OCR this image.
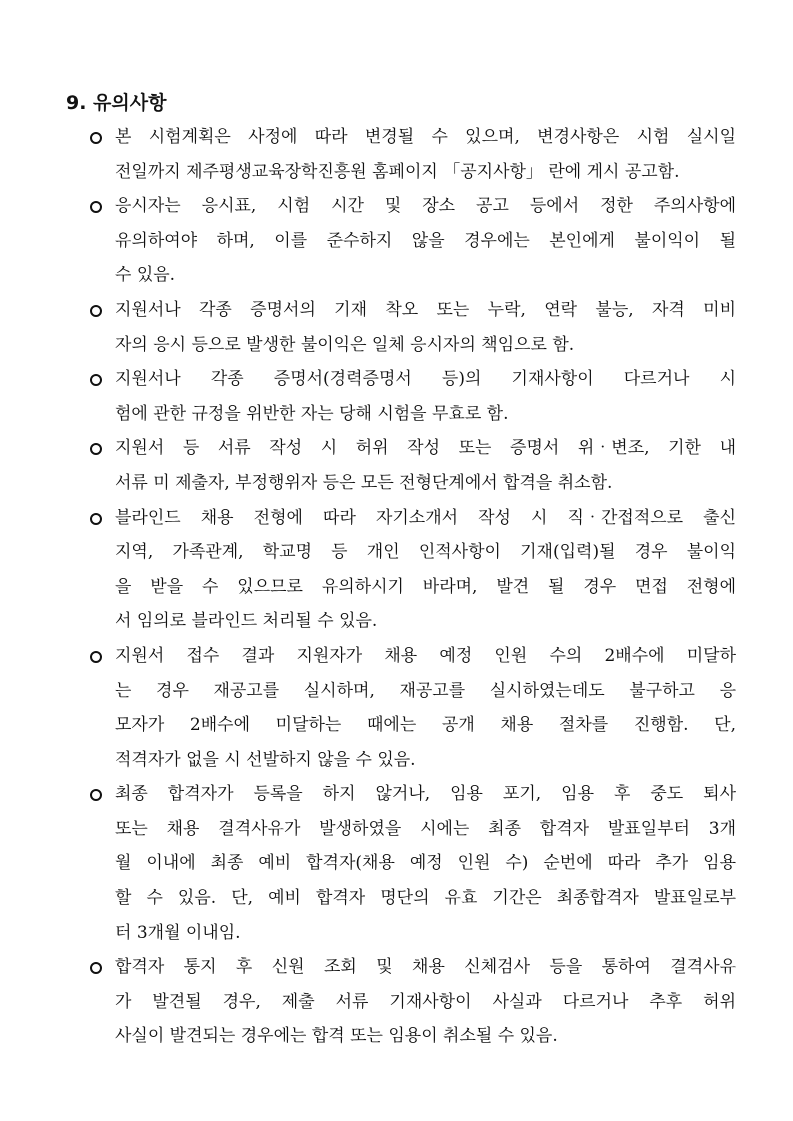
9. 유의사항
본 시험계획은 사정에 따라 변경될 수 있으며, 변경사항은 시험 실시일
전일까지 제주평생교육장학진흥원 홈페이지 「공지사항」 란에 게시 공고함.
응시자는 응시표, 시험 시간 및 장소 공고 등에서 정한 주의사항에
유의하여야 하며, 이를 준수하지 않을 경우에는 본인에게 불이익이 될
수 있음.
지원서나 각종 증명서의 기재 착오 또는 누락, 연락 불능, 자격 미비
자의 응시 등으로 발생한 불이익은 일체 응시자의 책임으로 함.
지원서나 각종 증명서(경력증명서 등)의 기재사항이 다르거나 시
험에 관한 규정을 위반한 자는 당해 시험을 무효로 함.
지원서 등 서류 작성 시 허위 작성 또는 증명서 위‧변조, 기한 내
서류 미 제출자, 부정행위자 등은 모든 전형단계에서 합격을 취소함.
블라인드 채용 전형에 따라 자기소개서 작성 시 직‧간접적으로 출신
지역, 가족관계, 학교명 등 개인 인적사항이 기재(입력)될 경우 불이익
을 받을 수 있으므로 유의하시기 바라며, 발견 될 경우 면접 전형에
서 임의로 블라인드 처리될 수 있음.
지원서 접수 결과 지원자가 채용 예정 인원 수의 2배수에 미달하
는 경우 재공고를 실시하며, 재공고를 실시하였는데도 불구하고 응
모자가 2배수에 미달하는 때에는 공개 채용 절차를 진행함. 단,
적격자가 없을 시 선발하지 않을 수 있음.
최종 합격자가 등록을 하지 않거나, 임용 포기, 임용 후 중도 퇴사
또는 채용 결격사유가 발생하였을 시에는 최종 합격자 발표일부터 3개
월 이내에 최종 예비 합격자(채용 예정 인원 수) 순번에 따라 추가 임용
할 수 있음. 단, 예비 합격자 명단의 유효 기간은 최종합격자 발표일로부
터 3개월 이내임.
합격자 통지 후 신원 조회 및 채용 신체검사 등을 통하여 결격사유
가 발견될 경우, 제출 서류 기재사항이 사실과 다르거나 추후 허위
사실이 발견되는 경우에는 합격 또는 임용이 취소될 수 있음.
